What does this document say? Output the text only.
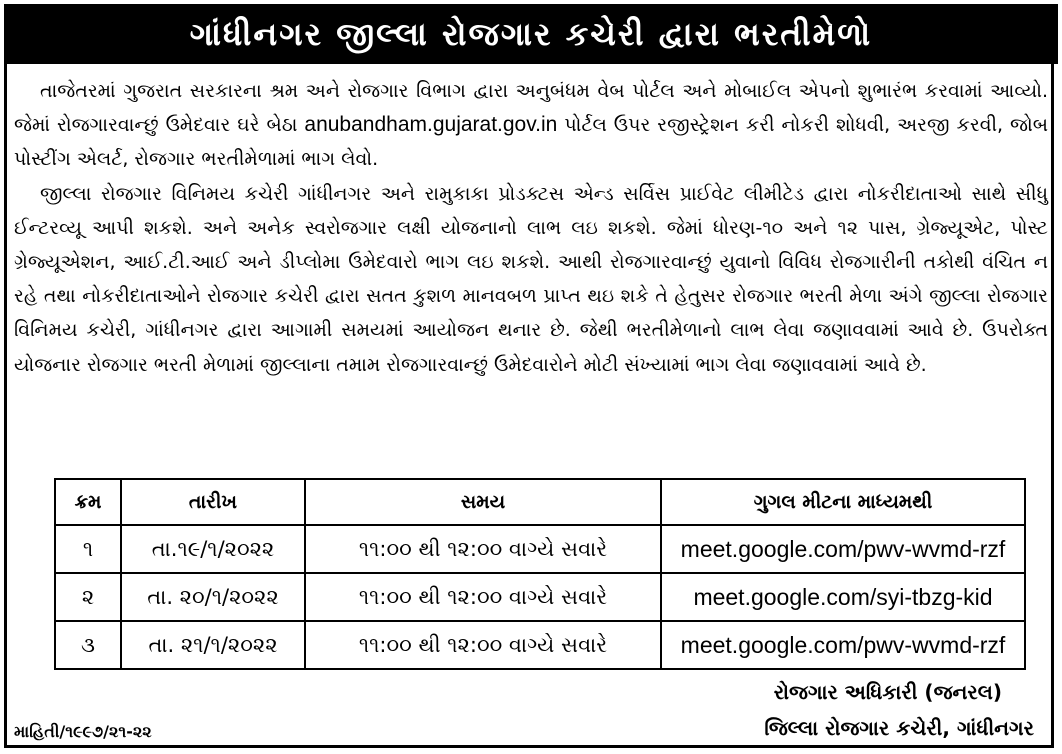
ગાંધીનગર જીલ્લા રોજગાર કચેરી દ્વારા ભરતીમેળો

તાજેતરમાં ગુજરાત સરકારના શ્રમ અને રોજગાર વિભાગ દ્વારા અનુબંધમ વેબ પોર્ટલ અને મોબાઈલ એપનો શુભારંભ કરવામાં આવ્યો. જેમાં રોજગારવાન્છું ઉમેદવાર ઘરે બેઠા anubandham.gujarat.gov.in પોર્ટલ ઉપર રજીસ્ટ્રેશન કરી નોકરી શોધવી, અરજી કરવી, જોબ પોસ્ટીંગ એલર્ટ, રોજગાર ભરતીમેળામાં ભાગ લેવો.

જીલ્લા રોજગાર વિનિમય કચેરી ગાંધીનગર અને રામુકાકા પ્રોડક્ટસ એન્ડ સર્વિસ પ્રાઈવેટ લીમીટેડ દ્વારા નોકરીદાતાઓ સાથે સીધુ ઈન્ટરવ્યૂ આપી શકશે. અને અનેક સ્વરોજગાર લક્ષી યોજનાનો લાભ લઇ શકશે. જેમાં ધોરણ-૧૦ અને ૧૨ પાસ, ગ્રેજ્યૂએટ, પોસ્ટ ગ્રેજ્યૂએશન, આઈ.ટી.આઈ અને ડીપ્લોમા ઉમેદવારો ભાગ લઇ શકશે. આથી રોજગારવાન્છું યુવાનો વિવિધ રોજગારીની તકોથી વંચિત ન રહે તથા નોકરીદાતાઓને રોજગાર કચેરી દ્વારા સતત કુશળ માનવબળ પ્રાપ્ત થઇ શકે તે હેતુસર રોજગાર ભરતી મેળા અંગે જીલ્લા રોજગાર વિનિમય કચેરી, ગાંધીનગર દ્વારા આગામી સમયમાં આયોજન થનાર છે. જેથી ભરતીમેળાનો લાભ લેવા જણાવવામાં આવે છે. ઉપરોક્ત યોજનાર રોજગાર ભરતી મેળામાં જીલ્લાના તમામ રોજગારવાન્છું ઉમેદવારોને મોટી સંખ્યામાં ભાગ લેવા જણાવવામાં આવે છે.

ક્રમ	તારીખ	સમય	ગુગલ મીટના માધ્યમથી
૧	તા.૧૯/૧/૨૦૨૨	૧૧:૦૦ થી ૧૨:૦૦ વાગ્યે સવારે	meet.google.com/pwv-wvmd-rzf
૨	તા. ૨૦/૧/૨૦૨૨	૧૧:૦૦ થી ૧૨:૦૦ વાગ્યે સવારે	meet.google.com/syi-tbzg-kid
૩	તા. ૨૧/૧/૨૦૨૨	૧૧:૦૦ થી ૧૨:૦૦ વાગ્યે સવારે	meet.google.com/pwv-wvmd-rzf
રોજગાર અધિકારી (જનરલ)
જિલ્લા રોજગાર કચેરી, ગાંધીનગર
માહિતી/૧૯૯૭/૨૧-૨૨
